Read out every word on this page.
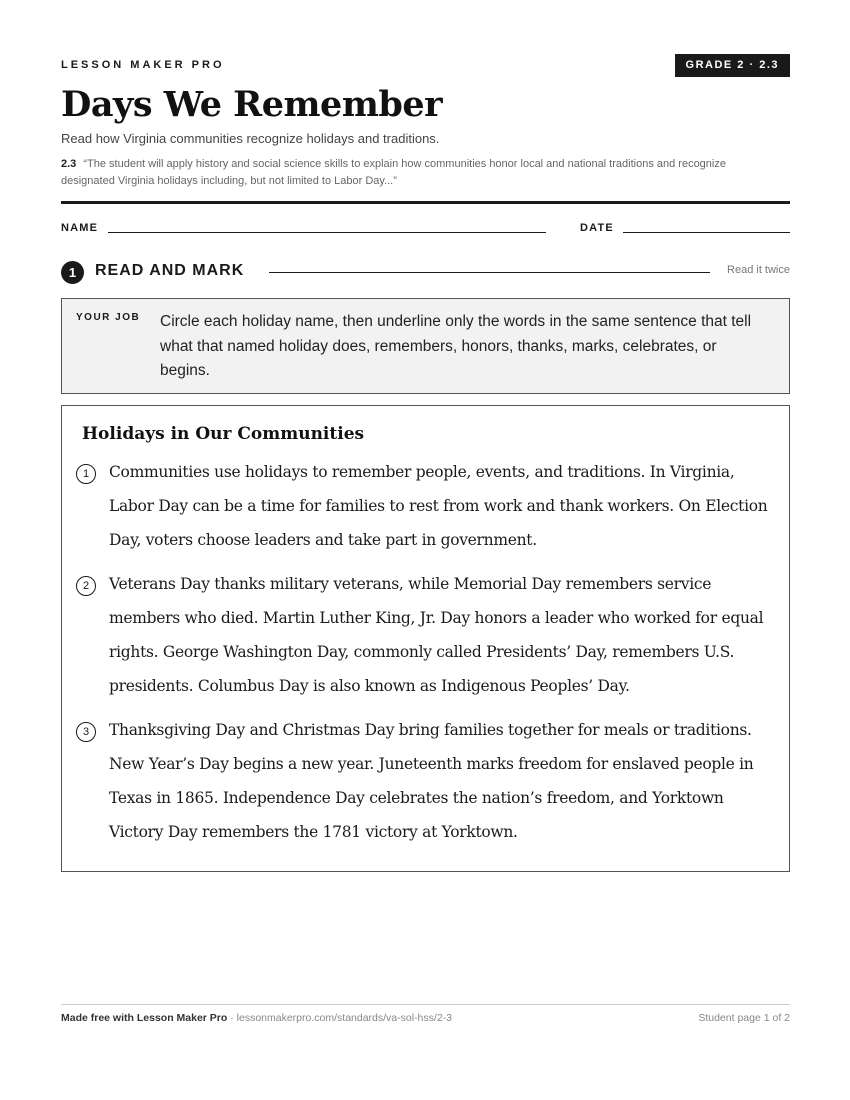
LESSON MAKER PRO	GRADE 2 · 2.3
Days We Remember
Read how Virginia communities recognize holidays and traditions.
2.3 “The student will apply history and social science skills to explain how communities honor local and national traditions and recognize designated Virginia holidays including, but not limited to Labor Day...”
NAME	DATE
1	READ AND MARK	Read it twice
YOUR JOB Circle each holiday name, then underline only the words in the same sentence that tell what that named holiday does, remembers, honors, thanks, marks, celebrates, or begins.
Holidays in Our Communities
1	Communities use holidays to remember people, events, and traditions. In Virginia, Labor Day can be a time for families to rest from work and thank workers. On Election Day, voters choose leaders and take part in government.
2	Veterans Day thanks military veterans, while Memorial Day remembers service members who died. Martin Luther King, Jr. Day honors a leader who worked for equal rights. George Washington Day, commonly called Presidents’ Day, remembers U.S. presidents. Columbus Day is also known as Indigenous Peoples’ Day.
3	Thanksgiving Day and Christmas Day bring families together for meals or traditions. New Year’s Day begins a new year. Juneteenth marks freedom for enslaved people in Texas in 1865. Independence Day celebrates the nation’s freedom, and Yorktown Victory Day remembers the 1781 victory at Yorktown.
Made free with Lesson Maker Pro · lessonmakerpro.com/standards/va-sol-hss/2-3	Student page 1 of 2
